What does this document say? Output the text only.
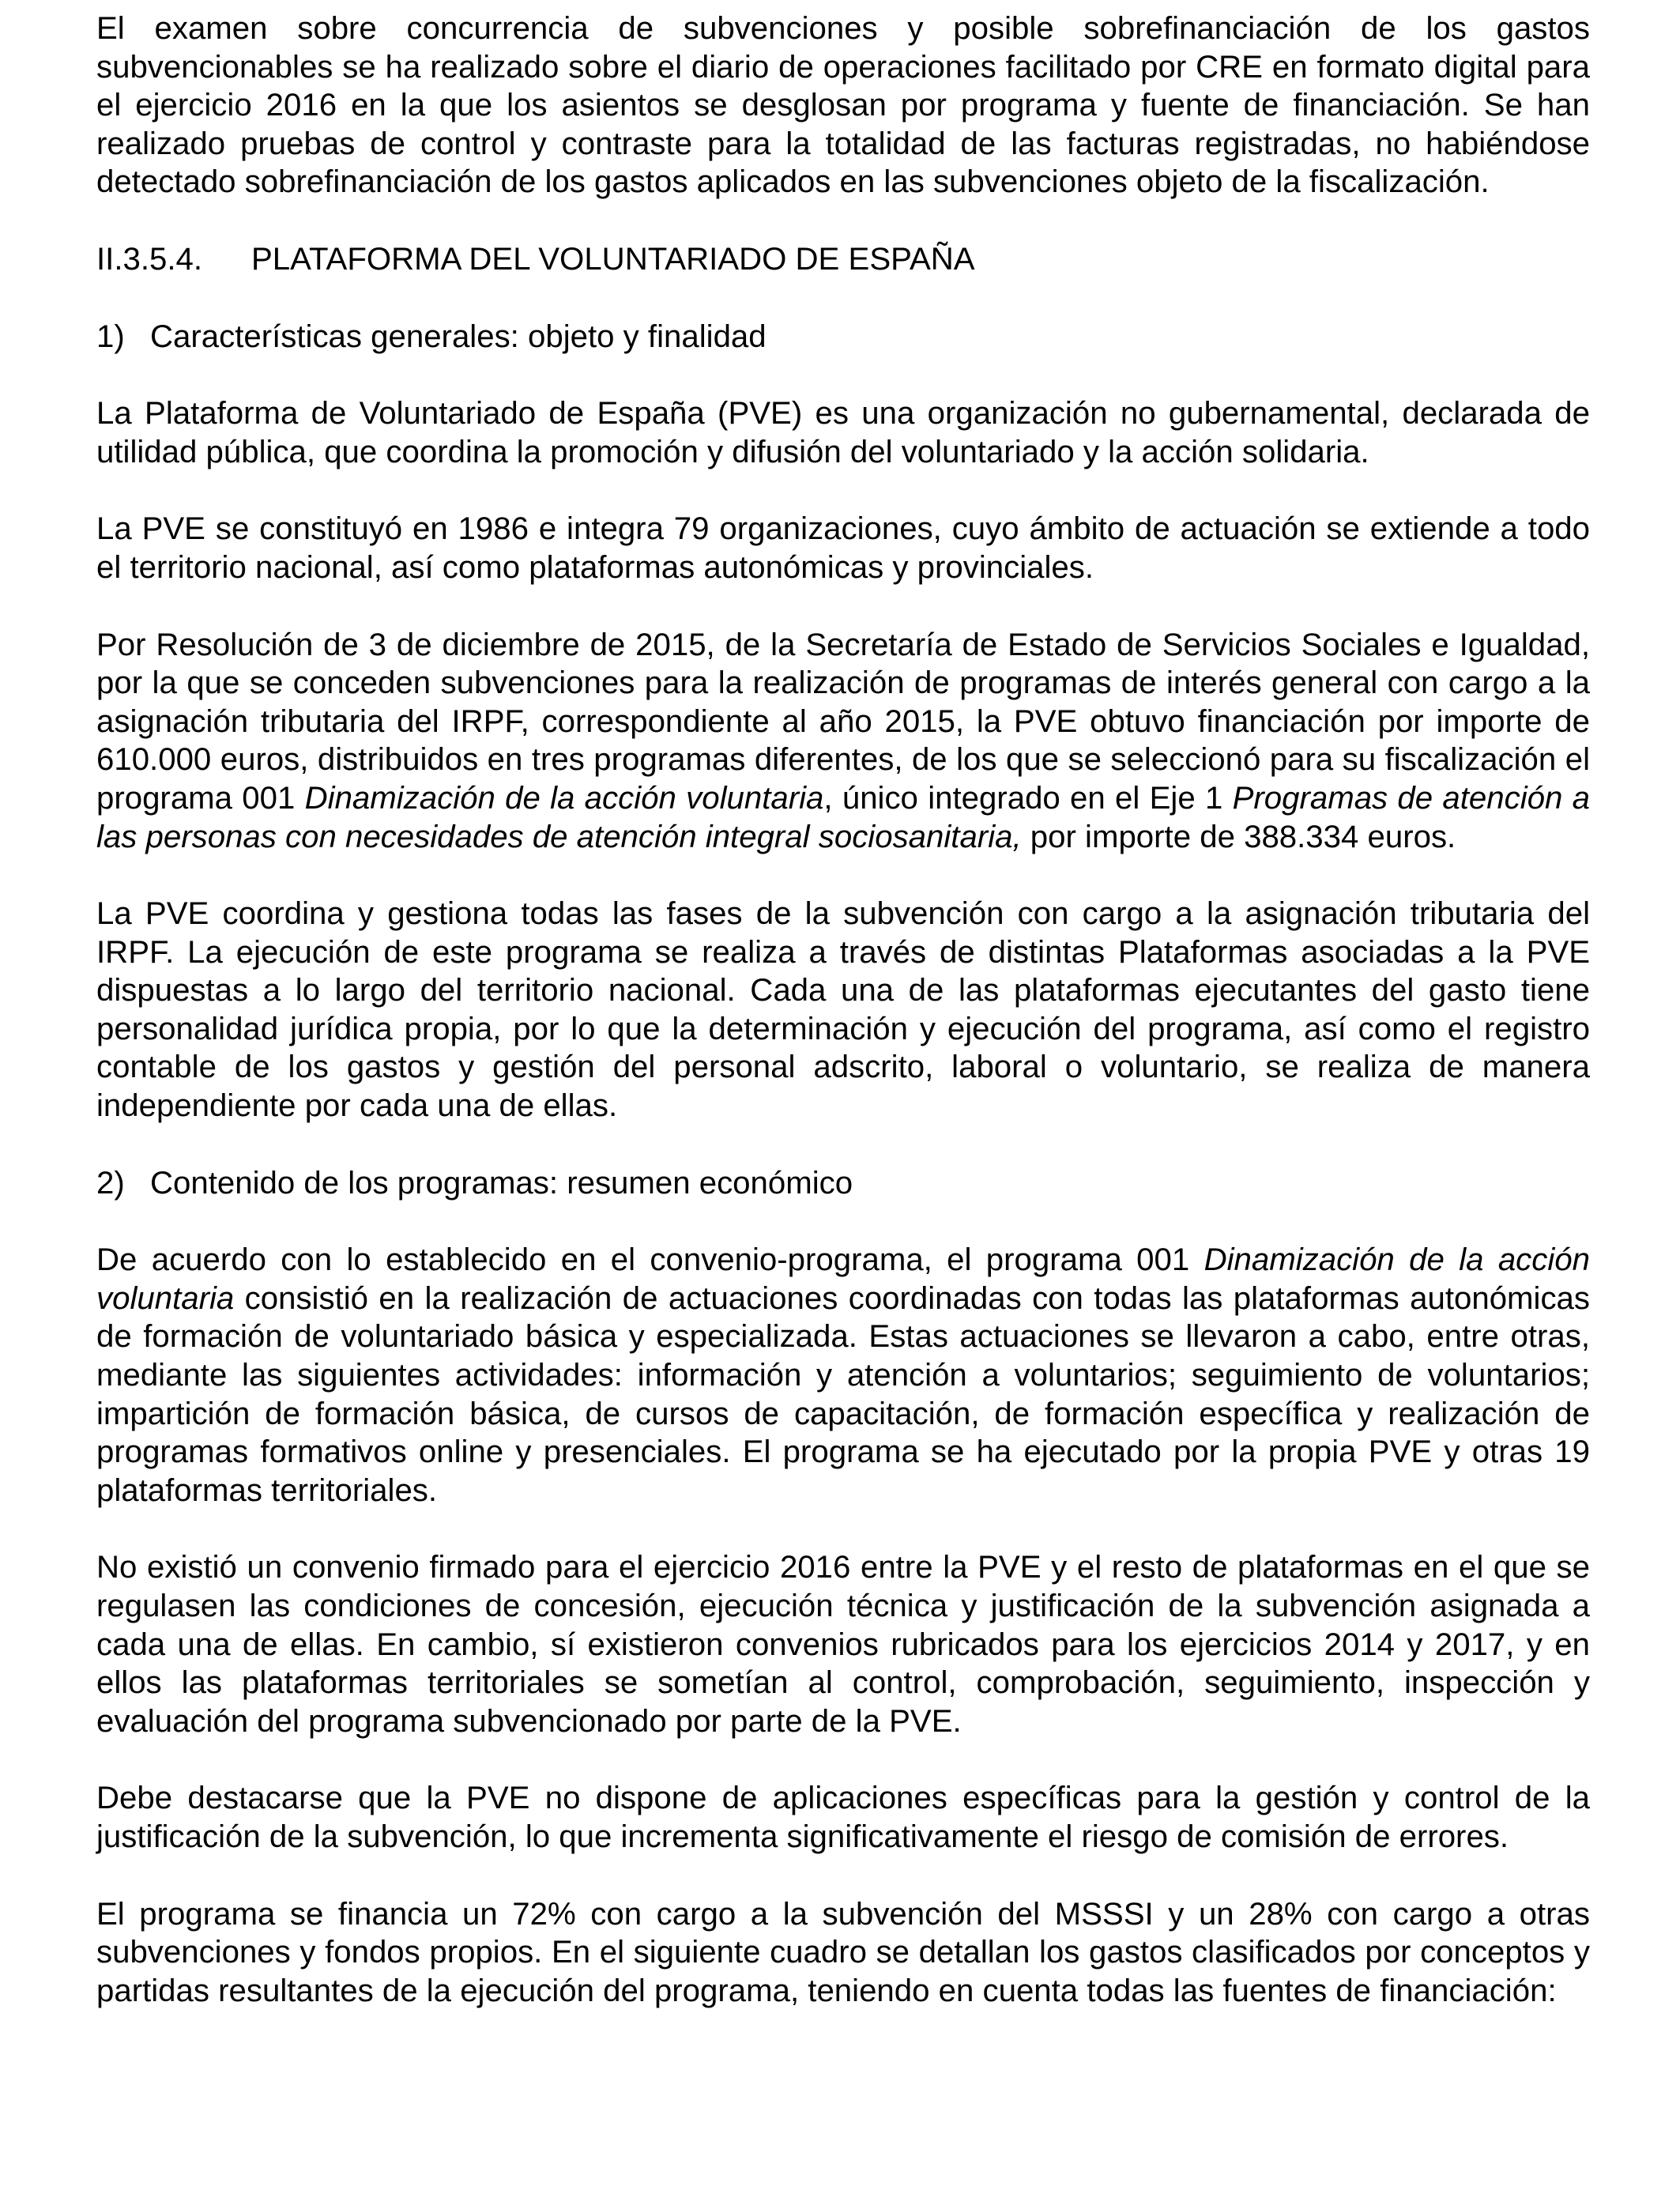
El examen sobre concurrencia de subvenciones y posible sobrefinanciación de los gastos subvencionables se ha realizado sobre el diario de operaciones facilitado por CRE en formato digital para el ejercicio 2016 en la que los asientos se desglosan por programa y fuente de financiación. Se han realizado pruebas de control y contraste para la totalidad de las facturas registradas, no habiéndose detectado sobrefinanciación de los gastos aplicados en las subvenciones objeto de la fiscalización.

II.3.5.4. PLATAFORMA DEL VOLUNTARIADO DE ESPAÑA
1) Características generales: objeto y finalidad

La Plataforma de Voluntariado de España (PVE) es una organización no gubernamental, declarada de utilidad pública, que coordina la promoción y difusión del voluntariado y la acción solidaria.

La PVE se constituyó en 1986 e integra 79 organizaciones, cuyo ámbito de actuación se extiende a todo el territorio nacional, así como plataformas autonómicas y provinciales.

Por Resolución de 3 de diciembre de 2015, de la Secretaría de Estado de Servicios Sociales e Igualdad, por la que se conceden subvenciones para la realización de programas de interés general con cargo a la asignación tributaria del IRPF, correspondiente al año 2015, la PVE obtuvo financiación por importe de 610.000 euros, distribuidos en tres programas diferentes, de los que se seleccionó para su fiscalización el programa 001 Dinamización de la acción voluntaria, único integrado en el Eje 1 Programas de atención a las personas con necesidades de atención integral sociosanitaria, por importe de 388.334 euros.

La PVE coordina y gestiona todas las fases de la subvención con cargo a la asignación tributaria del IRPF. La ejecución de este programa se realiza a través de distintas Plataformas asociadas a la PVE dispuestas a lo largo del territorio nacional. Cada una de las plataformas ejecutantes del gasto tiene personalidad jurídica propia, por lo que la determinación y ejecución del programa, así como el registro contable de los gastos y gestión del personal adscrito, laboral o voluntario, se realiza de manera independiente por cada una de ellas.

2) Contenido de los programas: resumen económico

De acuerdo con lo establecido en el convenio-programa, el programa 001 Dinamización de la acción voluntaria consistió en la realización de actuaciones coordinadas con todas las plataformas autonómicas de formación de voluntariado básica y especializada. Estas actuaciones se llevaron a cabo, entre otras, mediante las siguientes actividades: información y atención a voluntarios; seguimiento de voluntarios; impartición de formación básica, de cursos de capacitación, de formación específica y realización de programas formativos online y presenciales. El programa se ha ejecutado por la propia PVE y otras 19 plataformas territoriales.

No existió un convenio firmado para el ejercicio 2016 entre la PVE y el resto de plataformas en el que se regulasen las condiciones de concesión, ejecución técnica y justificación de la subvención asignada a cada una de ellas. En cambio, sí existieron convenios rubricados para los ejercicios 2014 y 2017, y en ellos las plataformas territoriales se sometían al control, comprobación, seguimiento, inspección y evaluación del programa subvencionado por parte de la PVE.

Debe destacarse que la PVE no dispone de aplicaciones específicas para la gestión y control de la justificación de la subvención, lo que incrementa significativamente el riesgo de comisión de errores.

El programa se financia un 72% con cargo a la subvención del MSSSI y un 28% con cargo a otras subvenciones y fondos propios. En el siguiente cuadro se detallan los gastos clasificados por conceptos y partidas resultantes de la ejecución del programa, teniendo en cuenta todas las fuentes de financiación:
